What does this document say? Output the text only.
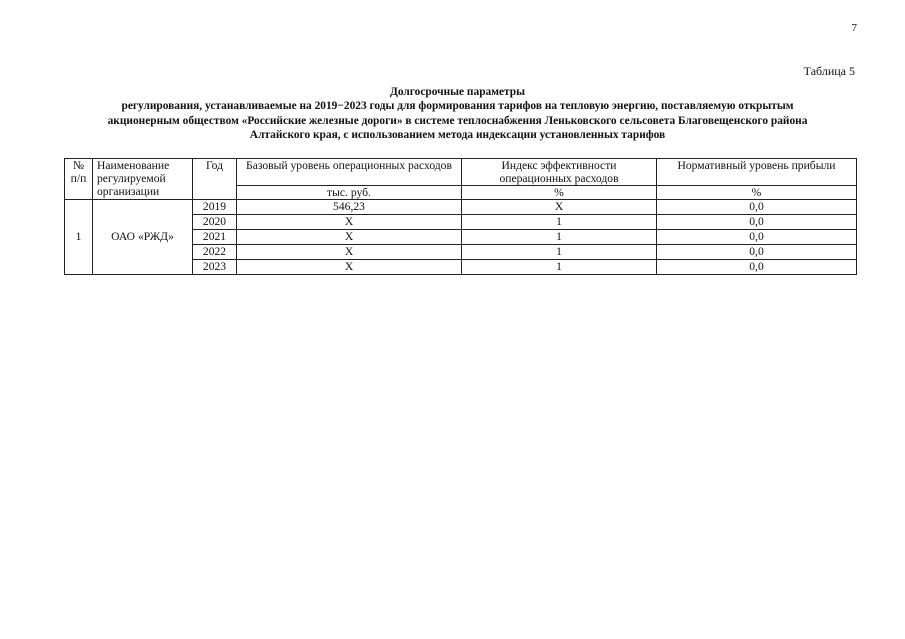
7
Таблица 5
Долгосрочные параметры
регулирования, устанавливаемые на 2019−2023 годы для формирования тарифов на тепловую энергию, поставляемую открытым
акционерным обществом «Российские железные дороги» в системе теплоснабжения Леньковского сельсовета Благовещенского района
Алтайского края, с использованием метода индексации установленных тарифов
№ п/п	Наименование регулируемой организации	Год	Базовый уровень операционных расходов	Индекс эффективности операционных расходов	Нормативный уровень прибыли
			тыс. руб.	%	%
1	ОАО «РЖД»	2019	546,23	X	0,0
		2020	X	1	0,0
		2021	X	1	0,0
		2022	X	1	0,0
		2023	X	1	0,0
